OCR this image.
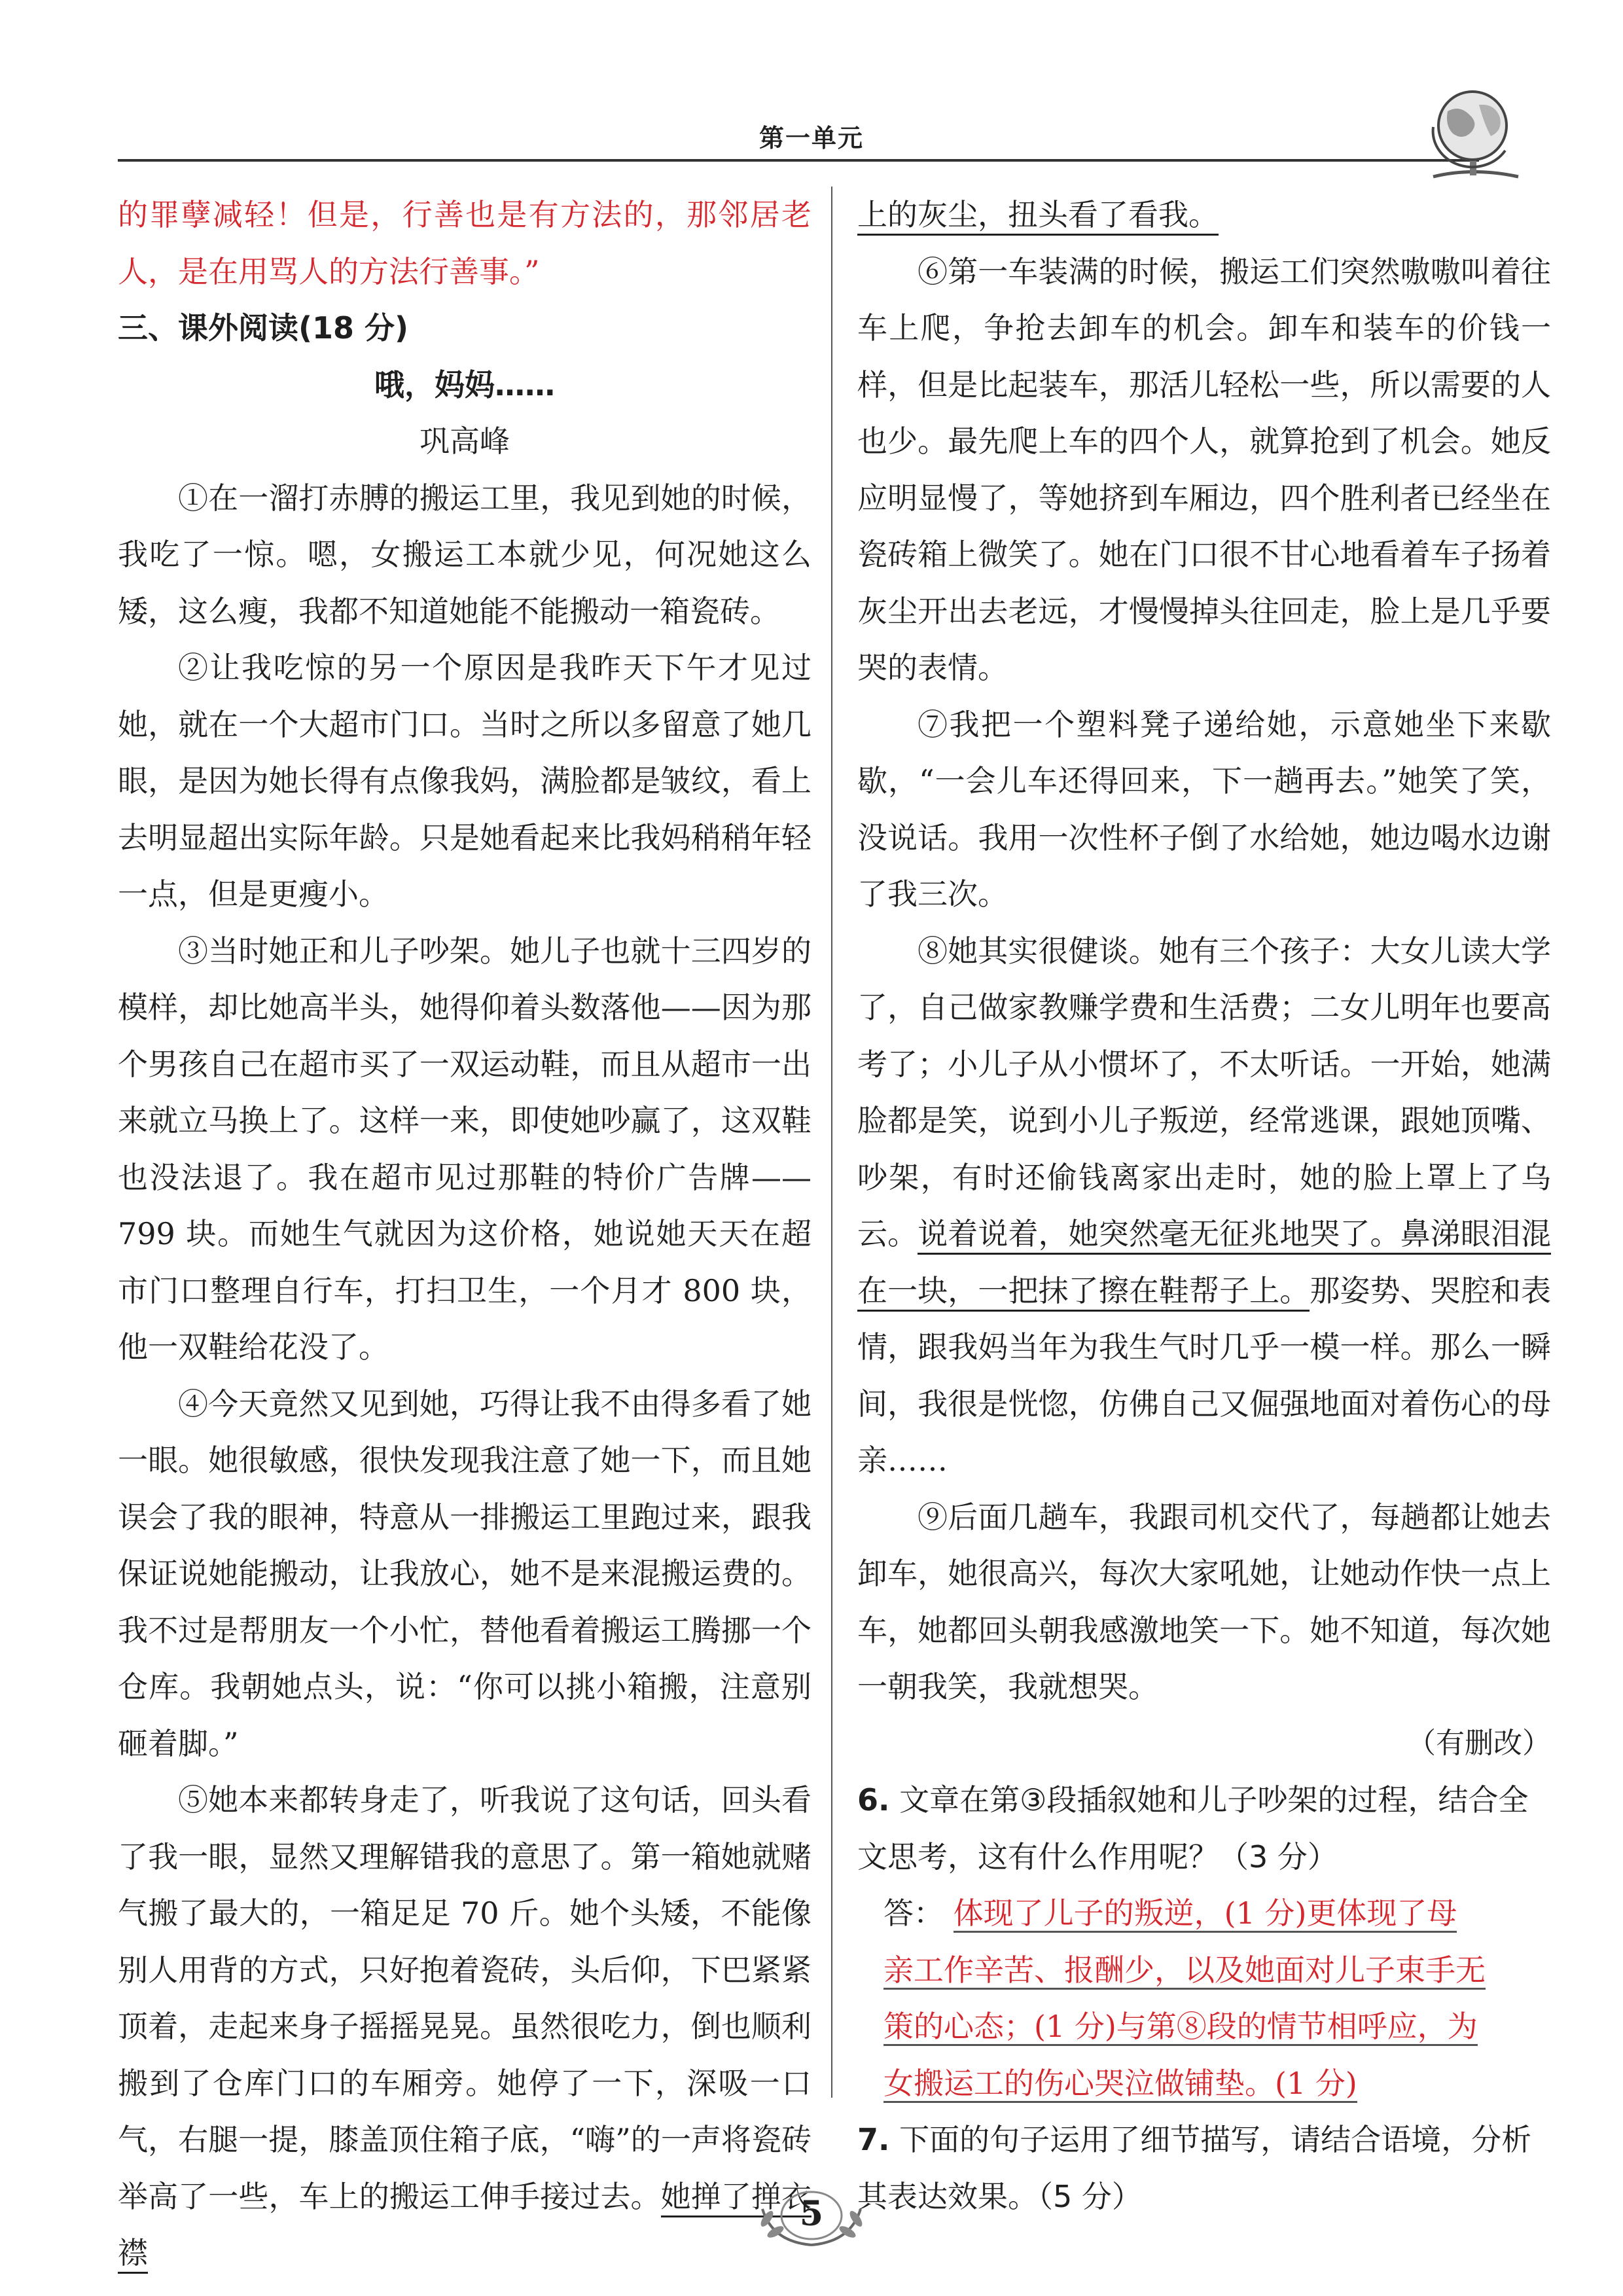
第一单元

的罪孽减轻！但是，行善也是有方法的，那邻居老人，是在用骂人的方法行善事。”

三、课外阅读(18 分)

哦，妈妈……

巩高峰

①在一溜打赤膊的搬运工里，我见到她的时候，我吃了一惊。嗯，女搬运工本就少见，何况她这么矮，这么瘦，我都不知道她能不能搬动一箱瓷砖。

②让我吃惊的另一个原因是我昨天下午才见过她，就在一个大超市门口。当时之所以多留意了她几眼，是因为她长得有点像我妈，满脸都是皱纹，看上去明显超出实际年龄。只是她看起来比我妈稍稍年轻一点，但是更瘦小。

③当时她正和儿子吵架。她儿子也就十三四岁的模样，却比她高半头，她得仰着头数落他——因为那个男孩自己在超市买了一双运动鞋，而且从超市一出来就立马换上了。这样一来，即使她吵赢了，这双鞋也没法退了。我在超市见过那鞋的特价广告牌——799 块。而她生气就因为这价格，她说她天天在超市门口整理自行车，打扫卫生，一个月才 800 块，他一双鞋给花没了。

④今天竟然又见到她，巧得让我不由得多看了她一眼。她很敏感，很快发现我注意了她一下，而且她误会了我的眼神，特意从一排搬运工里跑过来，跟我保证说她能搬动，让我放心，她不是来混搬运费的。我不过是帮朋友一个小忙，替他看着搬运工腾挪一个仓库。我朝她点头，说：“你可以挑小箱搬，注意别砸着脚。”

⑤她本来都转身走了，听我说了这句话，回头看了我一眼，显然又理解错我的意思了。第一箱她就赌气搬了最大的，一箱足足 70 斤。她个头矮，不能像别人用背的方式，只好抱着瓷砖，头后仰，下巴紧紧顶着，走起来身子摇摇晃晃。虽然很吃力，倒也顺利搬到了仓库门口的车厢旁。她停了一下，深吸一口气，右腿一提，膝盖顶住箱子底，“嗨”的一声将瓷砖举高了一些，车上的搬运工伸手接过去。她掸了掸衣襟

上的灰尘，扭头看了看我。

⑥第一车装满的时候，搬运工们突然嗷嗷叫着往车上爬，争抢去卸车的机会。卸车和装车的价钱一样，但是比起装车，那活儿轻松一些，所以需要的人也少。最先爬上车的四个人，就算抢到了机会。她反应明显慢了，等她挤到车厢边，四个胜利者已经坐在瓷砖箱上微笑了。她在门口很不甘心地看着车子扬着灰尘开出去老远，才慢慢掉头往回走，脸上是几乎要哭的表情。

⑦我把一个塑料凳子递给她，示意她坐下来歇歇，“一会儿车还得回来，下一趟再去。”她笑了笑，没说话。我用一次性杯子倒了水给她，她边喝水边谢了我三次。

⑧她其实很健谈。她有三个孩子：大女儿读大学了，自己做家教赚学费和生活费；二女儿明年也要高考了；小儿子从小惯坏了，不太听话。一开始，她满脸都是笑，说到小儿子叛逆，经常逃课，跟她顶嘴、吵架，有时还偷钱离家出走时，她的脸上罩上了乌云。说着说着，她突然毫无征兆地哭了。鼻涕眼泪混在一块，一把抹了擦在鞋帮子上。那姿势、哭腔和表情，跟我妈当年为我生气时几乎一模一样。那么一瞬间，我很是恍惚，仿佛自己又倔强地面对着伤心的母亲……

⑨后面几趟车，我跟司机交代了，每趟都让她去卸车，她很高兴，每次大家吼她，让她动作快一点上车，她都回头朝我感激地笑一下。她不知道，每次她一朝我笑，我就想哭。

（有删改）

6. 文章在第③段插叙她和儿子吵架的过程，结合全文思考，这有什么作用呢？（3 分）

答： 体现了儿子的叛逆，(1 分)更体现了母

亲工作辛苦、报酬少，以及她面对儿子束手无

策的心态；(1 分)与第⑧段的情节相呼应，为

女搬运工的伤心哭泣做铺垫。(1 分)

7. 下面的句子运用了细节描写，请结合语境，分析其表达效果。（5 分）

5
